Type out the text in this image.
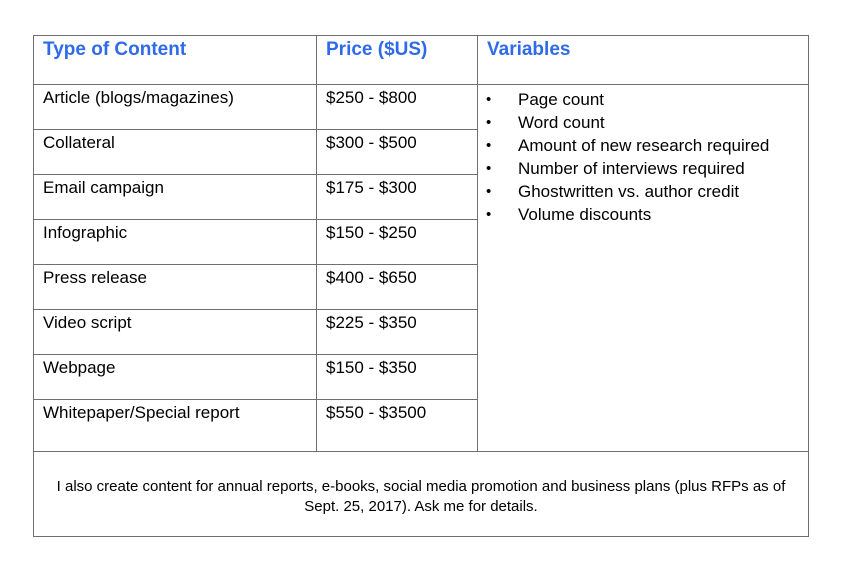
Type of Content	Price ($US)	Variables
Article (blogs/magazines)	$250 - $800
Collateral	$300 - $500
Email campaign	$175 - $300
Infographic	$150 - $250
Press release	$400 - $650
Video script	$225 - $350
Webpage	$150 - $350
Whitepaper/Special report	$550 - $3500
• Page count
• Word count
• Amount of new research required
• Number of interviews required
• Ghostwritten vs. author credit
• Volume discounts
I also create content for annual reports, e-books, social media promotion and business plans (plus RFPs as of Sept. 25, 2017). Ask me for details.
